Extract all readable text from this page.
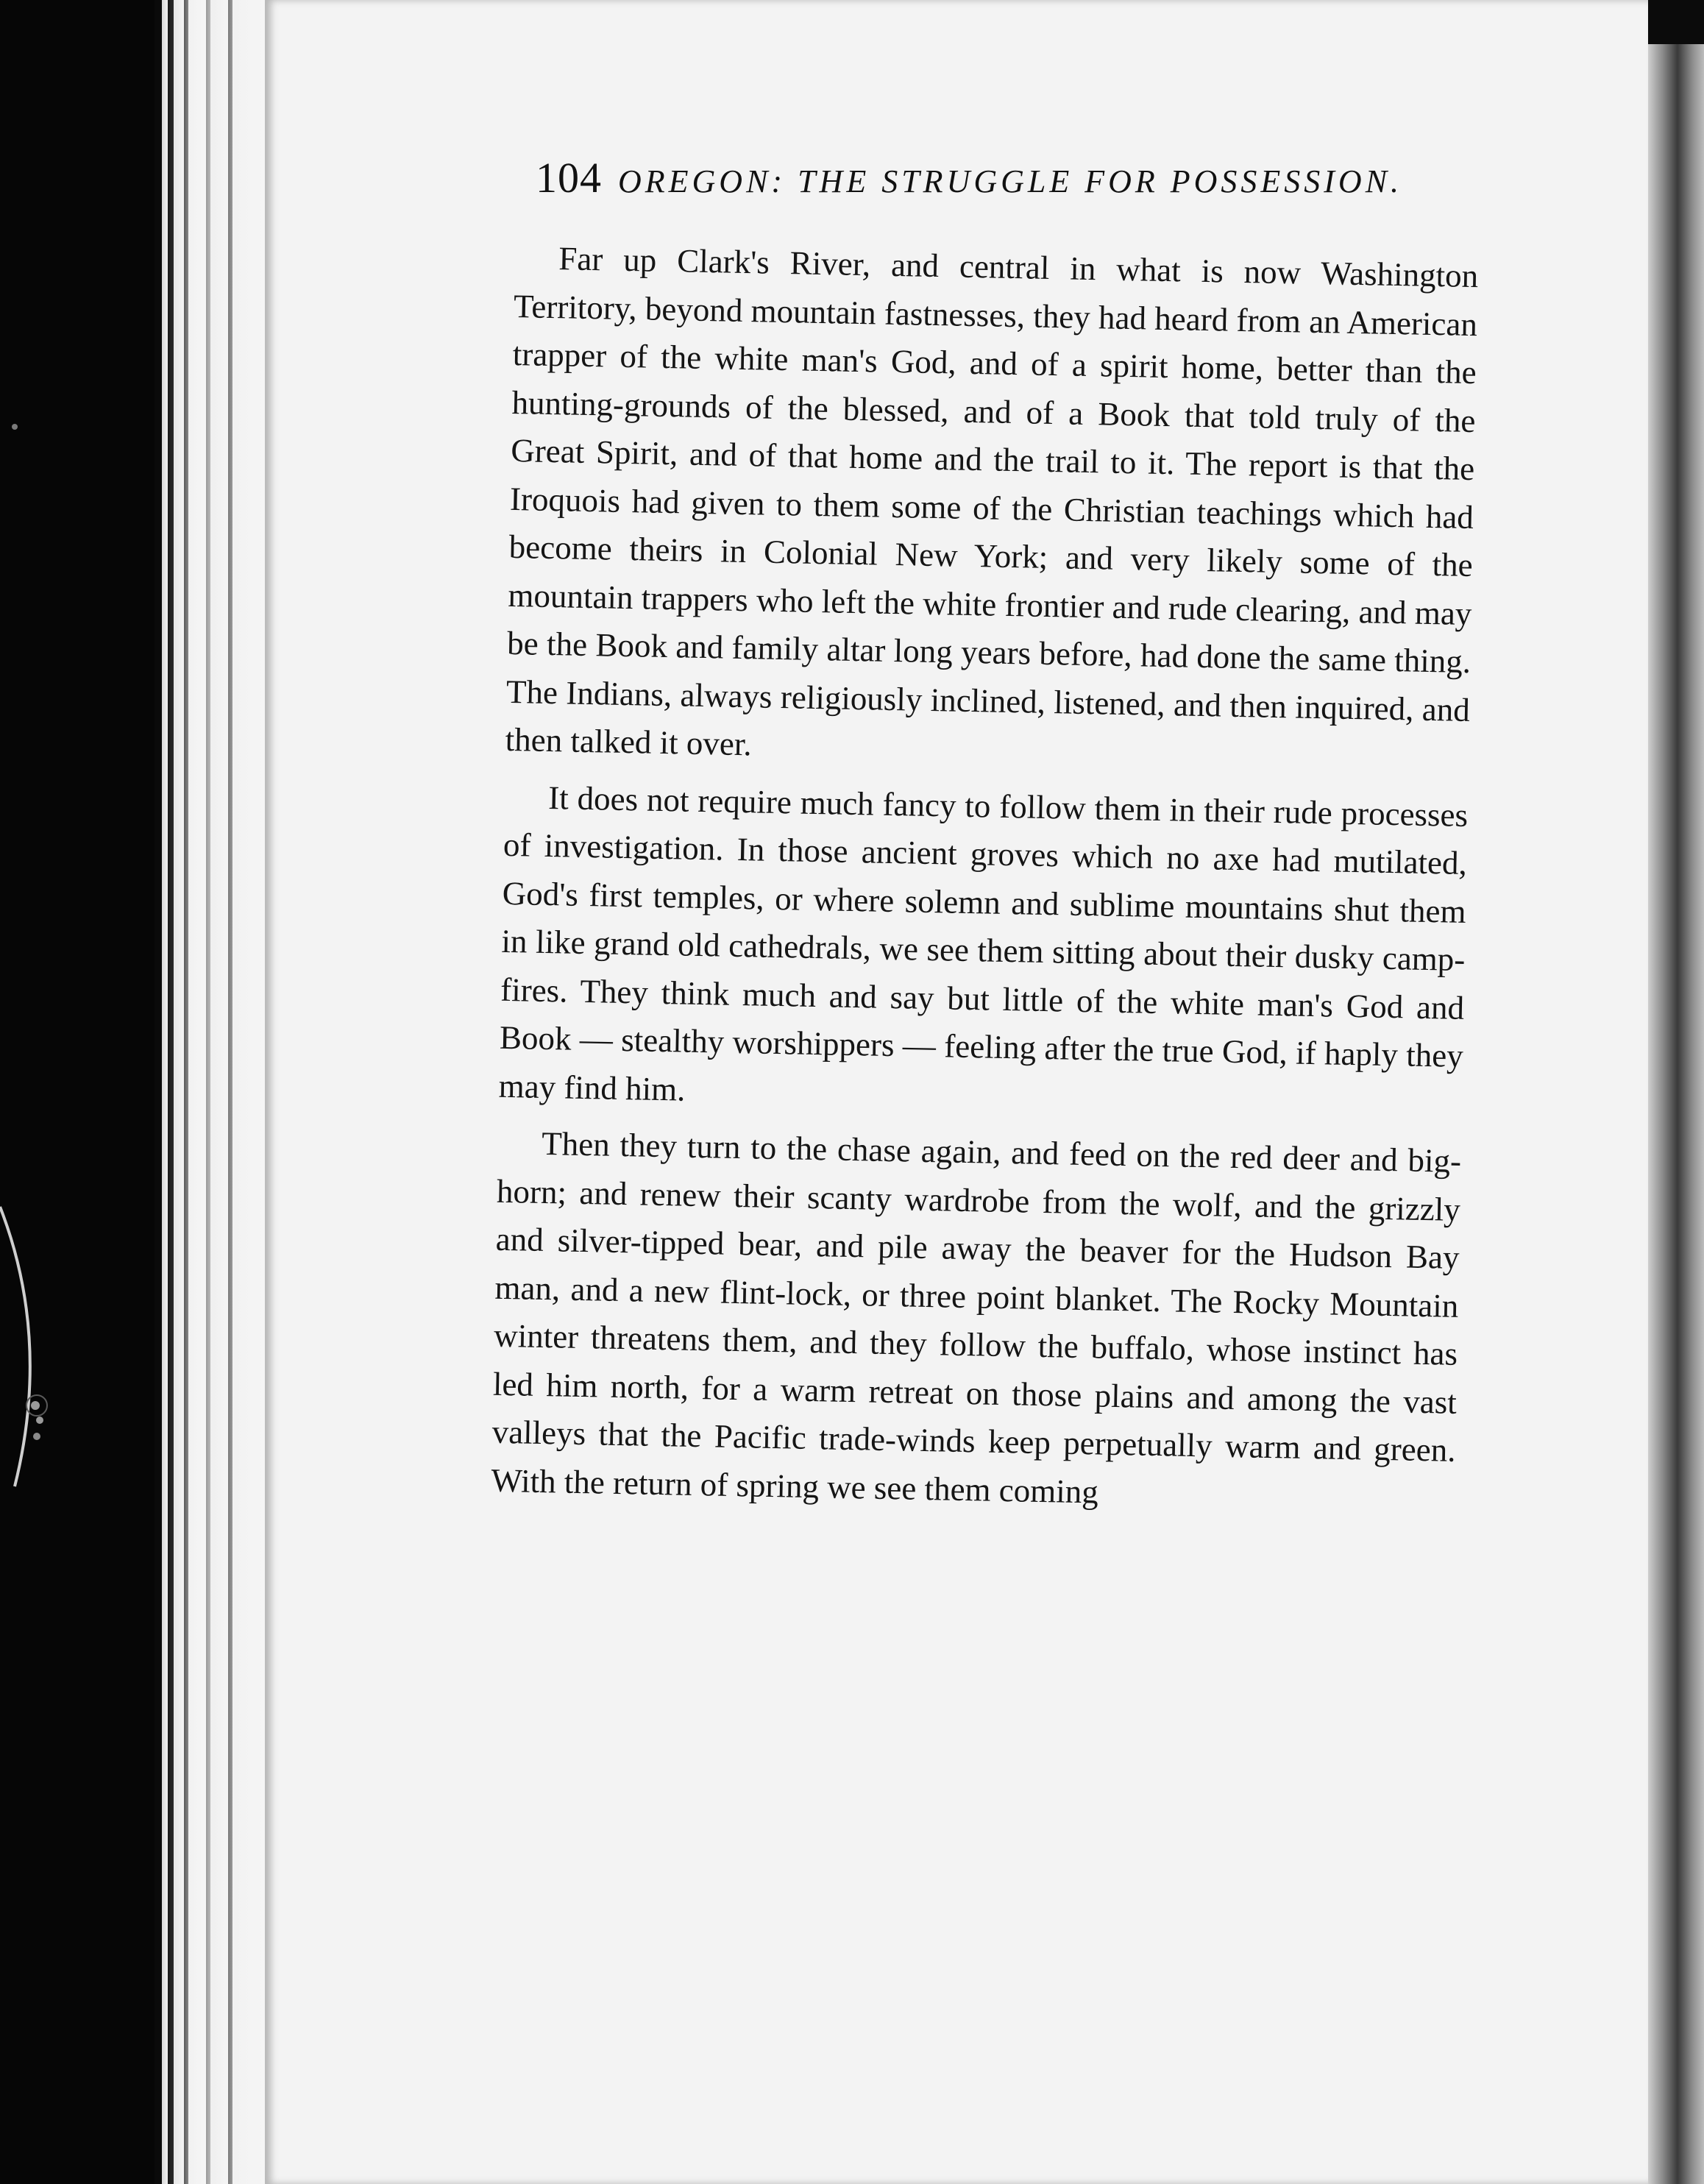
104 OREGON: THE STRUGGLE FOR POSSESSION.

Far up Clark's River, and central in what is now Washington Territory, beyond mountain fastnesses, they had heard from an American trapper of the white man's God, and of a spirit home, better than the hunting-grounds of the blessed, and of a Book that told truly of the Great Spirit, and of that home and the trail to it. The report is that the Iroquois had given to them some of the Christian teachings which had become theirs in Colonial New York; and very likely some of the mountain trappers who left the white frontier and rude clearing, and may be the Book and family altar long years before, had done the same thing. The Indians, always religiously inclined, listened, and then inquired, and then talked it over.

It does not require much fancy to follow them in their rude processes of investigation. In those ancient groves which no axe had mutilated, God's first temples, or where solemn and sublime mountains shut them in like grand old cathedrals, we see them sitting about their dusky camp-fires. They think much and say but little of the white man's God and Book — stealthy worshippers — feeling after the true God, if haply they may find him.

Then they turn to the chase again, and feed on the red deer and big-horn; and renew their scanty wardrobe from the wolf, and the grizzly and silver-tipped bear, and pile away the beaver for the Hudson Bay man, and a new flint-lock, or three point blanket. The Rocky Mountain winter threatens them, and they follow the buffalo, whose instinct has led him north, for a warm retreat on those plains and among the vast valleys that the Pacific trade-winds keep perpetually warm and green. With the return of spring we see them coming
